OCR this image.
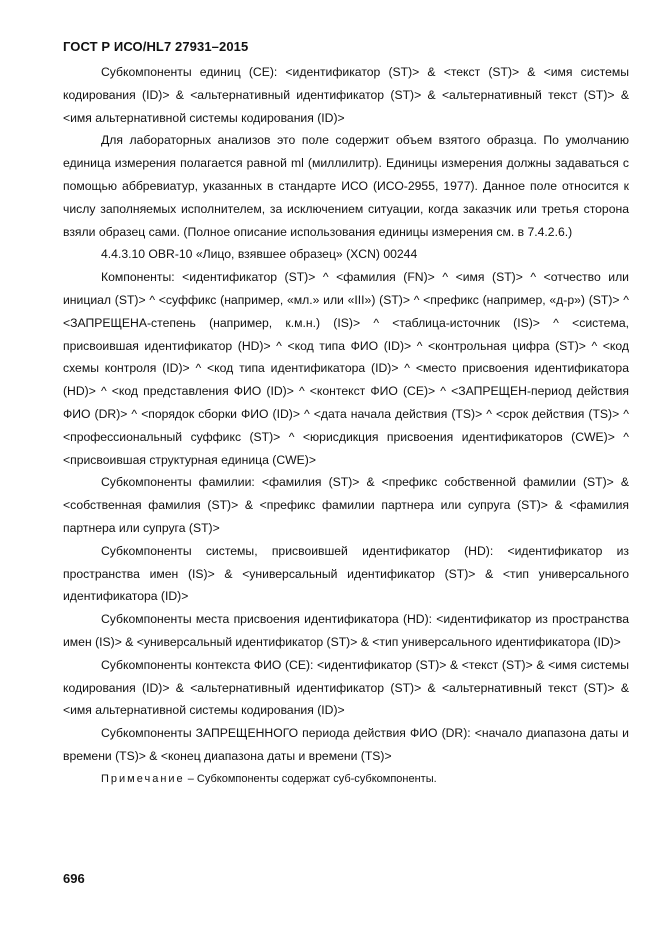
ГОСТ Р ИСО/HL7 27931–2015

Субкомпоненты единиц (CE): <идентификатор (ST)> & <текст (ST)> & <имя системы кодирования (ID)> & <альтернативный идентификатор (ST)> & <альтернативный текст (ST)> & <имя альтернативной системы кодирования (ID)>

Для лабораторных анализов это поле содержит объем взятого образца. По умолчанию единица измерения полагается равной ml (миллилитр). Единицы измерения должны задаваться с помощью аббревиатур, указанных в стандарте ИСО (ИСО-2955, 1977). Данное поле относится к числу заполняемых исполнителем, за исключением ситуации, когда заказчик или третья сторона взяли образец сами. (Полное описание использования единицы измерения см. в 7.4.2.6.)

4.4.3.10 OBR-10 «Лицо, взявшее образец» (XCN) 00244

Компоненты: <идентификатор (ST)> ^ <фамилия (FN)> ^ <имя (ST)> ^ <отчество или инициал (ST)> ^ <суффикс (например, «мл.» или «III») (ST)> ^ <префикс (например, «д-р») (ST)> ^ <ЗАПРЕЩЕНА-степень (например, к.м.н.) (IS)> ^ <таблица-источник (IS)> ^ <система, присвоившая идентификатор (HD)> ^ <код типа ФИО (ID)> ^ <контрольная цифра (ST)> ^ <код схемы контроля (ID)> ^ <код типа идентификатора (ID)> ^ <место присвоения идентификатора (HD)> ^ <код представления ФИО (ID)> ^ <контекст ФИО (CE)> ^ <ЗАПРЕЩЕН-период действия ФИО (DR)> ^ <порядок сборки ФИО (ID)> ^ <дата начала действия (TS)> ^ <срок действия (TS)> ^ <профессиональный суффикс (ST)> ^ <юрисдикция присвоения идентификаторов (CWE)> ^ <присвоившая структурная единица (CWE)>

Субкомпоненты фамилии: <фамилия (ST)> & <префикс собственной фамилии (ST)> & <собственная фамилия (ST)> & <префикс фамилии партнера или супруга (ST)> & <фамилия партнера или супруга (ST)>

Субкомпоненты системы, присвоившей идентификатор (HD): <идентификатор из пространства имен (IS)> & <универсальный идентификатор (ST)> & <тип универсального идентификатора (ID)>

Субкомпоненты места присвоения идентификатора (HD): <идентификатор из пространства имен (IS)> & <универсальный идентификатор (ST)> & <тип универсального идентификатора (ID)>

Субкомпоненты контекста ФИО (CE): <идентификатор (ST)> & <текст (ST)> & <имя системы кодирования (ID)> & <альтернативный идентификатор (ST)> & <альтернативный текст (ST)> & <имя альтернативной системы кодирования (ID)>

Субкомпоненты ЗАПРЕЩЕННОГО периода действия ФИО (DR): <начало диапазона даты и времени (TS)> & <конец диапазона даты и времени (TS)>

Примечание – Субкомпоненты содержат суб-субкомпоненты.

696
